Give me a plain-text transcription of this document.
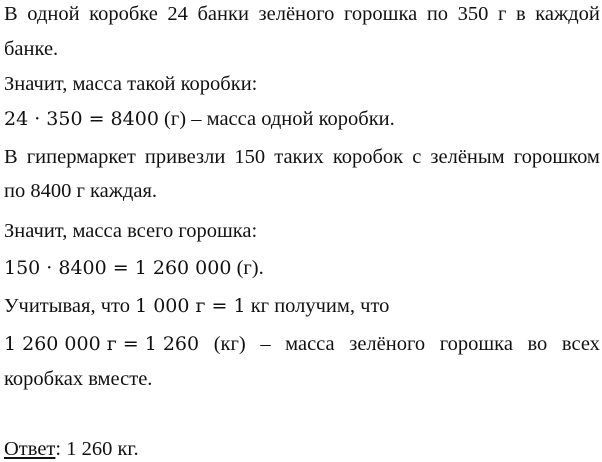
В одной коробке 24 банки зелёного горошка по 350 г в каждой
банке.
Значит, масса такой коробки:
24 · 350 = 8400 (г) – масса одной коробки.
В гипермаркет привезли 150 таких коробок с зелёным горошком
по 8400 г каждая.
Значит, масса всего горошка:
150 · 8400 = 1 260 000 (г).
Учитывая, что 1 000 г = 1 кг получим, что
1 260 000 г = 1 260 (кг) – масса зелёного горошка во всех
коробках вместе.
Ответ: 1 260 кг.
